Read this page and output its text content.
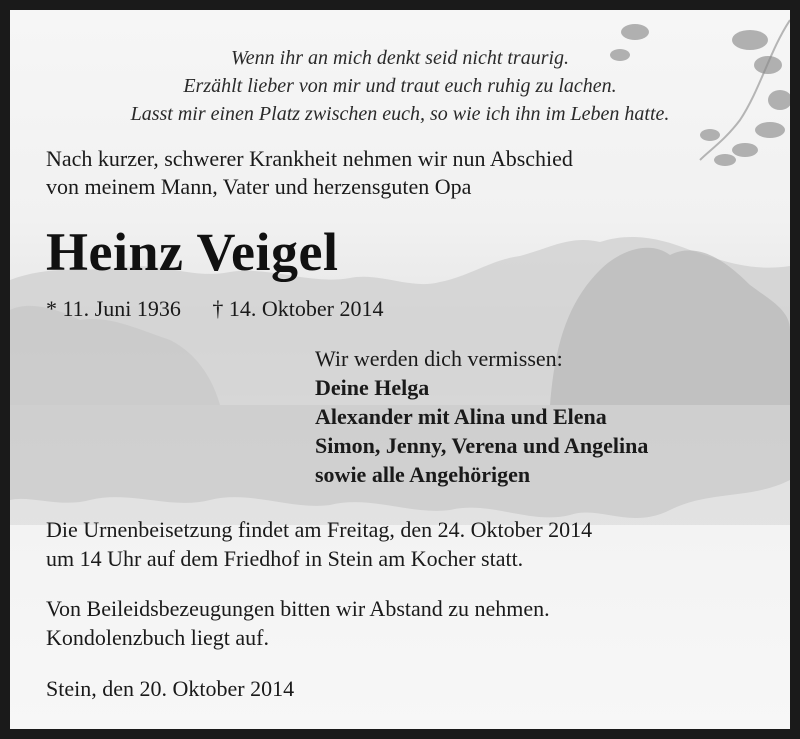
Wenn ihr an mich denkt seid nicht traurig.
Erzählt lieber von mir und traut euch ruhig zu lachen.
Lasst mir einen Platz zwischen euch, so wie ich ihn im Leben hatte.
Nach kurzer, schwerer Krankheit nehmen wir nun Abschied
von meinem Mann, Vater und herzensguten Opa
Heinz Veigel
* 11. Juni 1936 † 14. Oktober 2014
Wir werden dich vermissen:
Deine Helga
Alexander mit Alina und Elena
Simon, Jenny, Verena und Angelina
sowie alle Angehörigen
Die Urnenbeisetzung findet am Freitag, den 24. Oktober 2014
um 14 Uhr auf dem Friedhof in Stein am Kocher statt.
Von Beileidsbezeugungen bitten wir Abstand zu nehmen.
Kondolenzbuch liegt auf.
Stein, den 20. Oktober 2014
